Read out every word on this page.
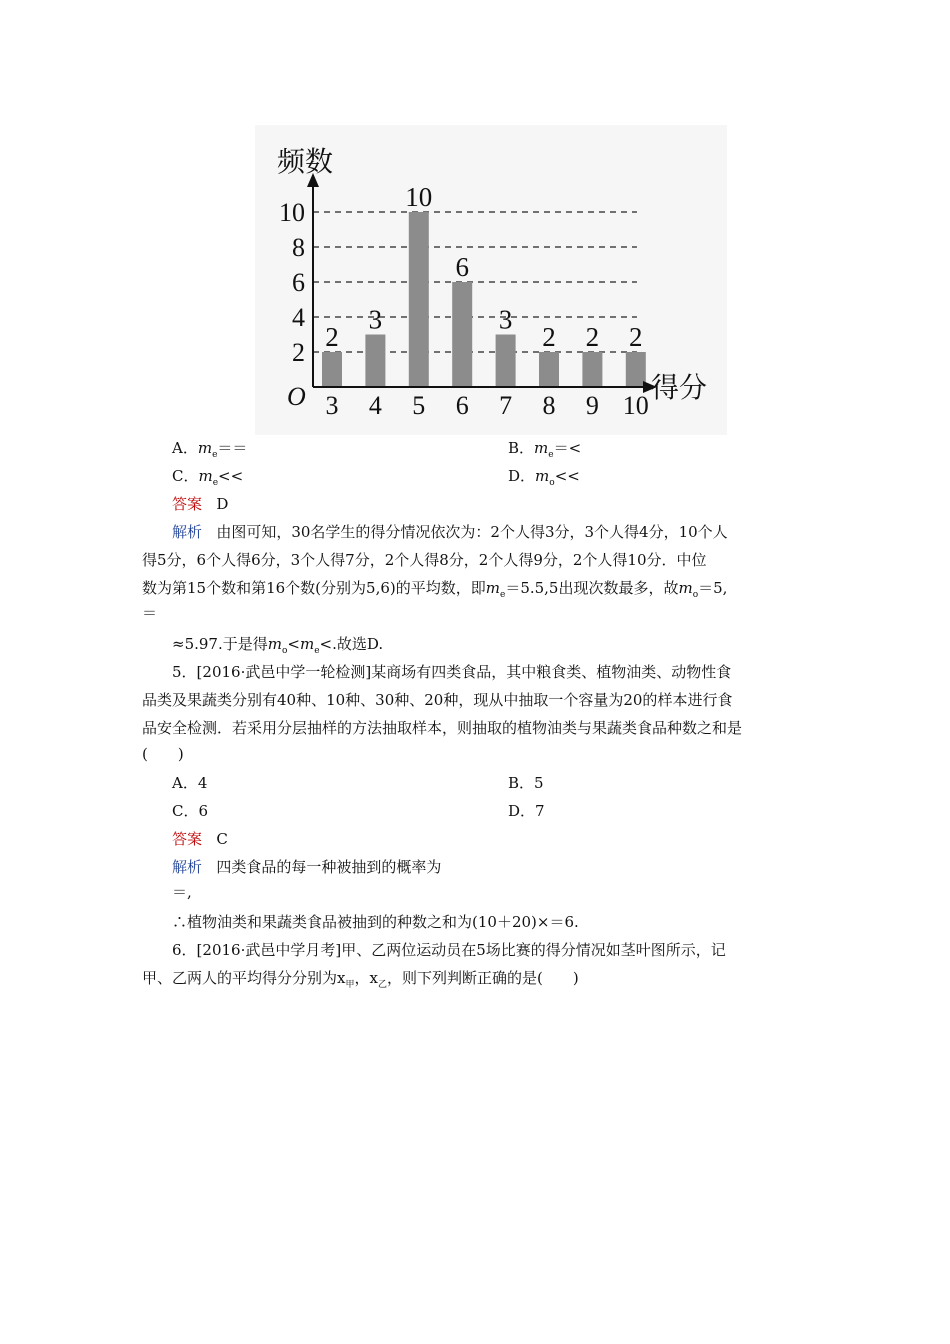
2
4
6
8
10
2
3
3
4
10
5
6
6
3
7
2
8
2
9
2
10
频数
得分
O
A．$m_e==$	B．$m_e=<$
C．$m_e<<$	D．$m_o<<$
答案 D
解析 由图可知，30名学生的得分情况依次为：2个人得3分，3个人得4分，10个人
得5分，6个人得6分，3个人得7分，2个人得8分，2个人得9分，2个人得10分．中位
数为第15个数和第16个数(分别为5,6)的平均数，即$m_e=5.5,5$出现次数最多，故$m_o=5$,
＝
≈5.97.于是得$m_o<m_e<$.故选D.
5．[2016·武邑中学一轮检测]某商场有四类食品，其中粮食类、植物油类、动物性食
品类及果蔬类分别有40种、10种、30种、20种，现从中抽取一个容量为20的样本进行食
品安全检测．若采用分层抽样的方法抽取样本，则抽取的植物油类与果蔬类食品种数之和是
(　　)
A．4	B．5
C．6	D．7
答案 C
解析 四类食品的每一种被抽到的概率为
＝,
∴植物油类和果蔬类食品被抽到的种数之和为(10＋20)×＝6.
6．[2016·武邑中学月考]甲、乙两位运动员在5场比赛的得分情况如茎叶图所示，记
甲、乙两人的平均得分分别为$x_甲$，$x_乙$，则下列判断正确的是(　　)
